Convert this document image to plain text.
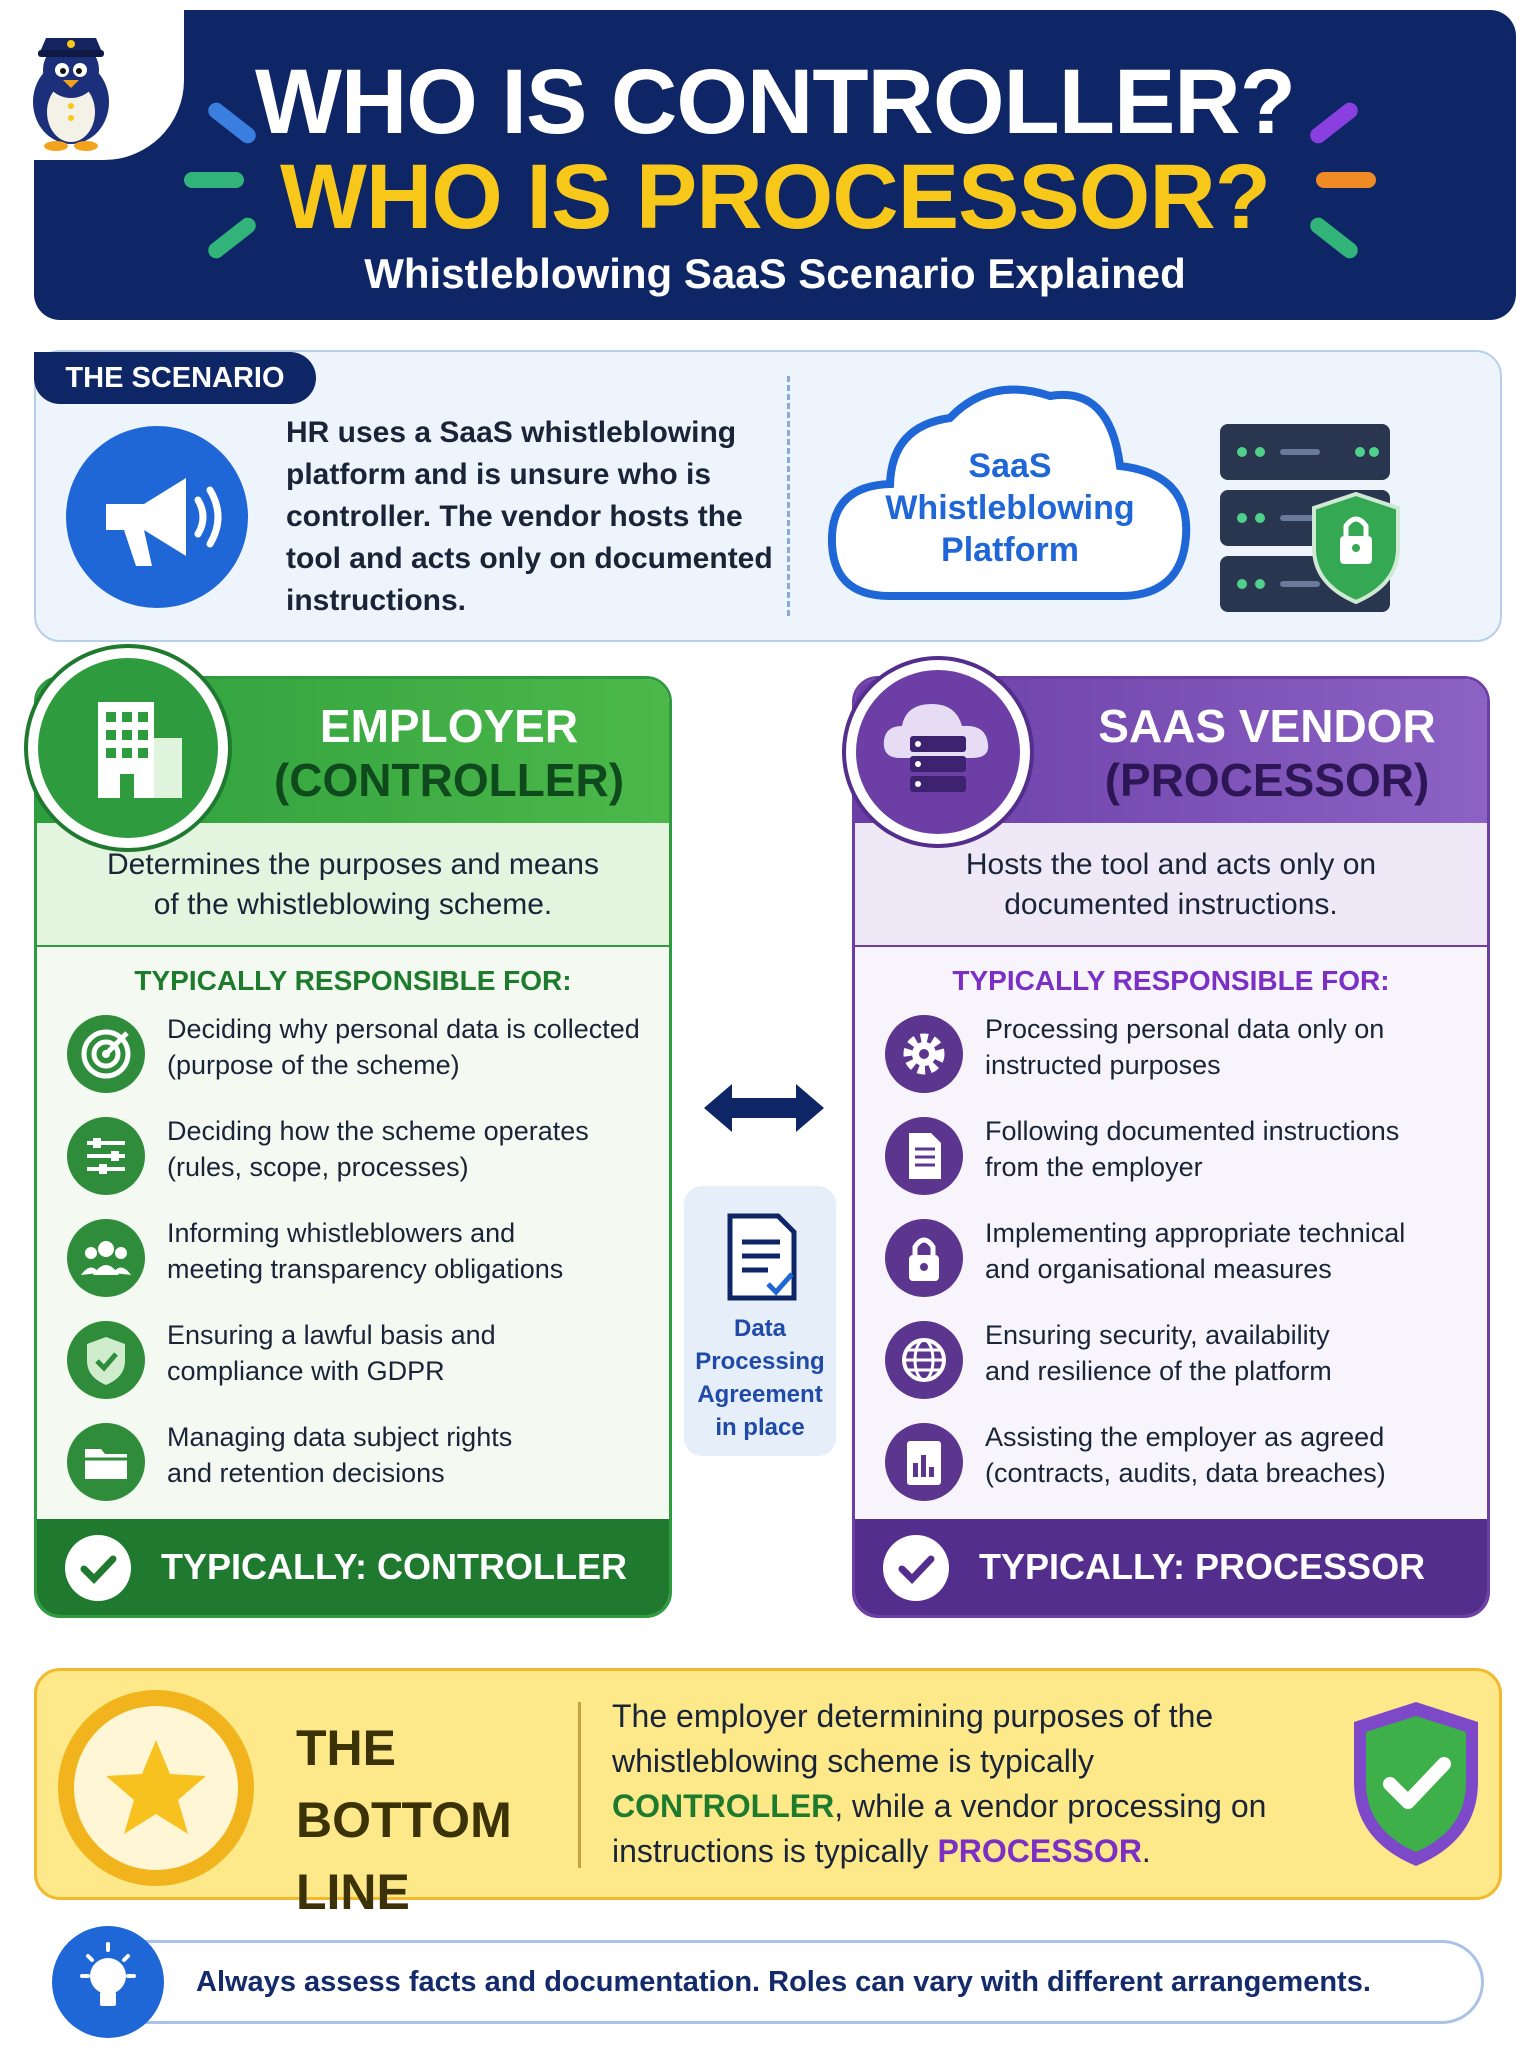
WHO IS CONTROLLER?
WHO IS PROCESSOR?
Whistleblowing SaaS Scenario Explained
THE SCENARIO
HR uses a SaaS whistleblowing platform and is unsure who is controller. The vendor hosts the tool and acts only on documented instructions.
SaaS
Whistleblowing
Platform
EMPLOYER
(CONTROLLER)
Determines the purposes and means
of the whistleblowing scheme.
TYPICALLY RESPONSIBLE FOR:
Deciding why personal data is collected
(purpose of the scheme)
Deciding how the scheme operates
(rules, scope, processes)
Informing whistleblowers and
meeting transparency obligations
Ensuring a lawful basis and
compliance with GDPR
Managing data subject rights
and retention decisions
TYPICALLY: CONTROLLER
SAAS VENDOR
(PROCESSOR)
Hosts the tool and acts only on
documented instructions.
TYPICALLY RESPONSIBLE FOR:
Processing personal data only on
instructed purposes
Following documented instructions
from the employer
Implementing appropriate technical
and organisational measures
Ensuring security, availability
and resilience of the platform
Assisting the employer as agreed
(contracts, audits, data breaches)
TYPICALLY: PROCESSOR
Data
Processing
Agreement
in place
THE BOTTOM
LINE
The employer determining purposes of the whistleblowing scheme is typically CONTROLLER, while a vendor processing on instructions is typically PROCESSOR.
Always assess facts and documentation. Roles can vary with different arrangements.
